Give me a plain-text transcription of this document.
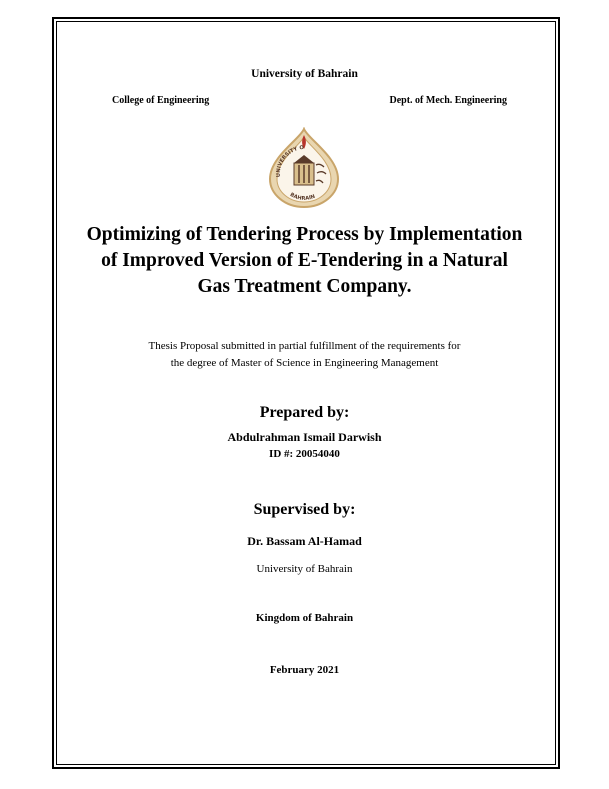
University of Bahrain
College of Engineering	Dept. of Mech. Engineering
UNIVERSITY O
BAHRAIN
Optimizing of Tendering Process by Implementation
of Improved Version of E-Tendering in a Natural
Gas Treatment Company.
Thesis Proposal submitted in partial fulfillment of the requirements for
the degree of Master of Science in Engineering Management
Prepared by:
Abdulrahman Ismail Darwish
ID #: 20054040
Supervised by:
Dr. Bassam Al-Hamad
University of Bahrain
Kingdom of Bahrain
February 2021
